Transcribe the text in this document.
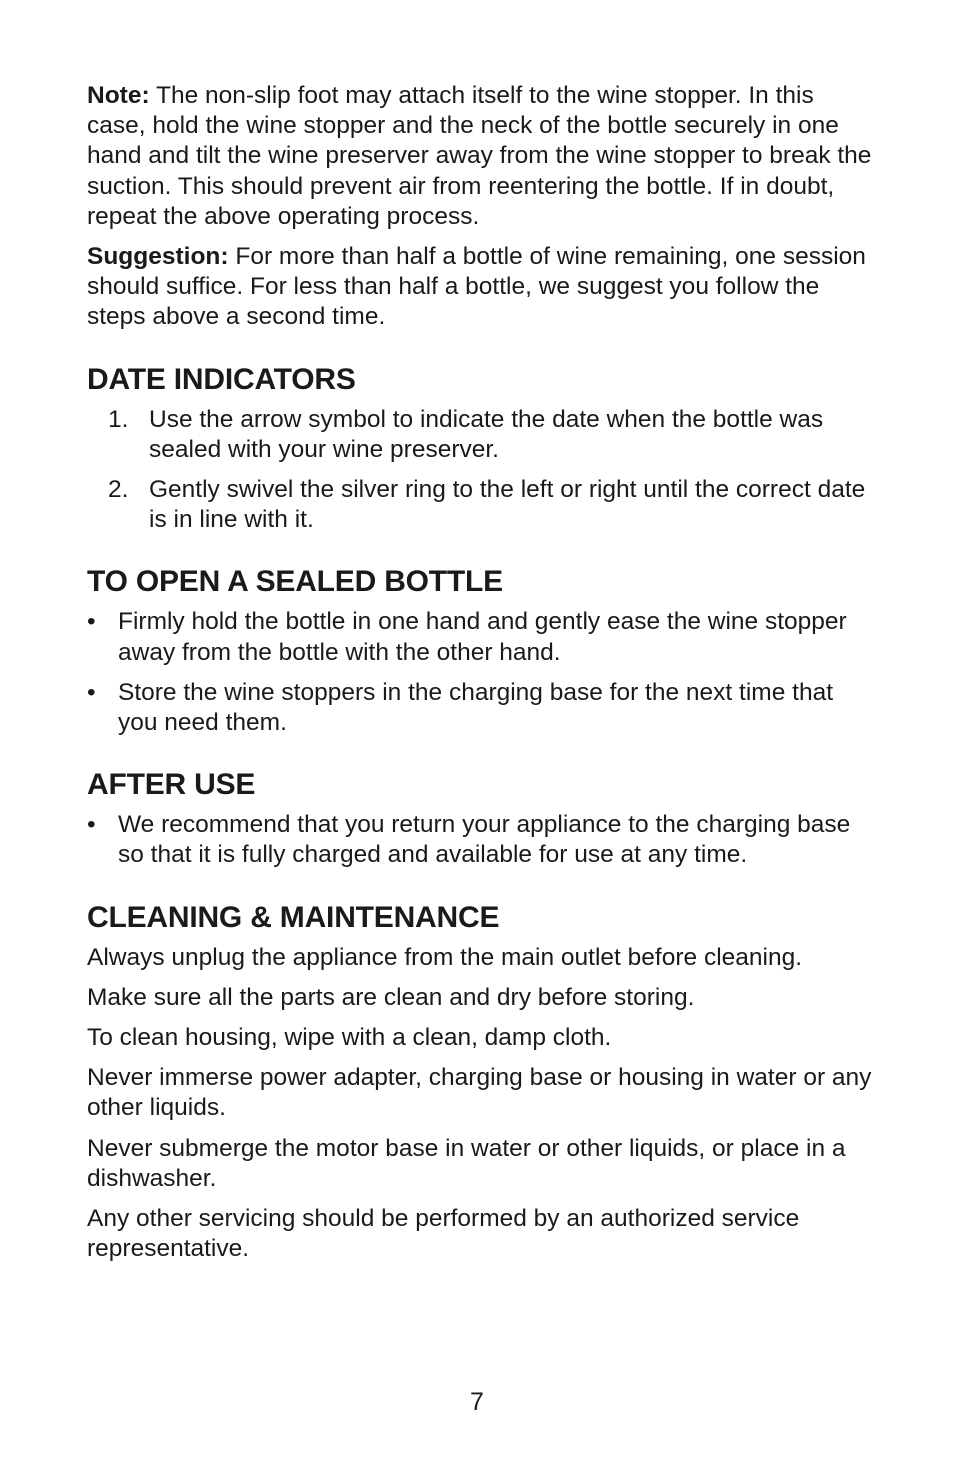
Note: The non-slip foot may attach itself to the wine stopper. In this case, hold the wine stopper and the neck of the bottle securely in one hand and tilt the wine preserver away from the wine stopper to break the suction. This should prevent air from reentering the bottle. If in doubt, repeat the above operating process.

Suggestion: For more than half a bottle of wine remaining, one session should suffice. For less than half a bottle, we suggest you follow the steps above a second time.

DATE INDICATORS
1. Use the arrow symbol to indicate the date when the bottle was sealed with your wine preserver.
2. Gently swivel the silver ring to the left or right until the correct date is in line with it.
TO OPEN A SEALED BOTTLE
• Firmly hold the bottle in one hand and gently ease the wine stopper away from the bottle with the other hand.
• Store the wine stoppers in the charging base for the next time that you need them.
AFTER USE
• We recommend that you return your appliance to the charging base so that it is fully charged and available for use at any time.
CLEANING & MAINTENANCE

Always unplug the appliance from the main outlet before cleaning.

Make sure all the parts are clean and dry before storing.

To clean housing, wipe with a clean, damp cloth.

Never immerse power adapter, charging base or housing in water or any other liquids.

Never submerge the motor base in water or other liquids, or place in a dishwasher.

Any other servicing should be performed by an authorized service representative.

7
